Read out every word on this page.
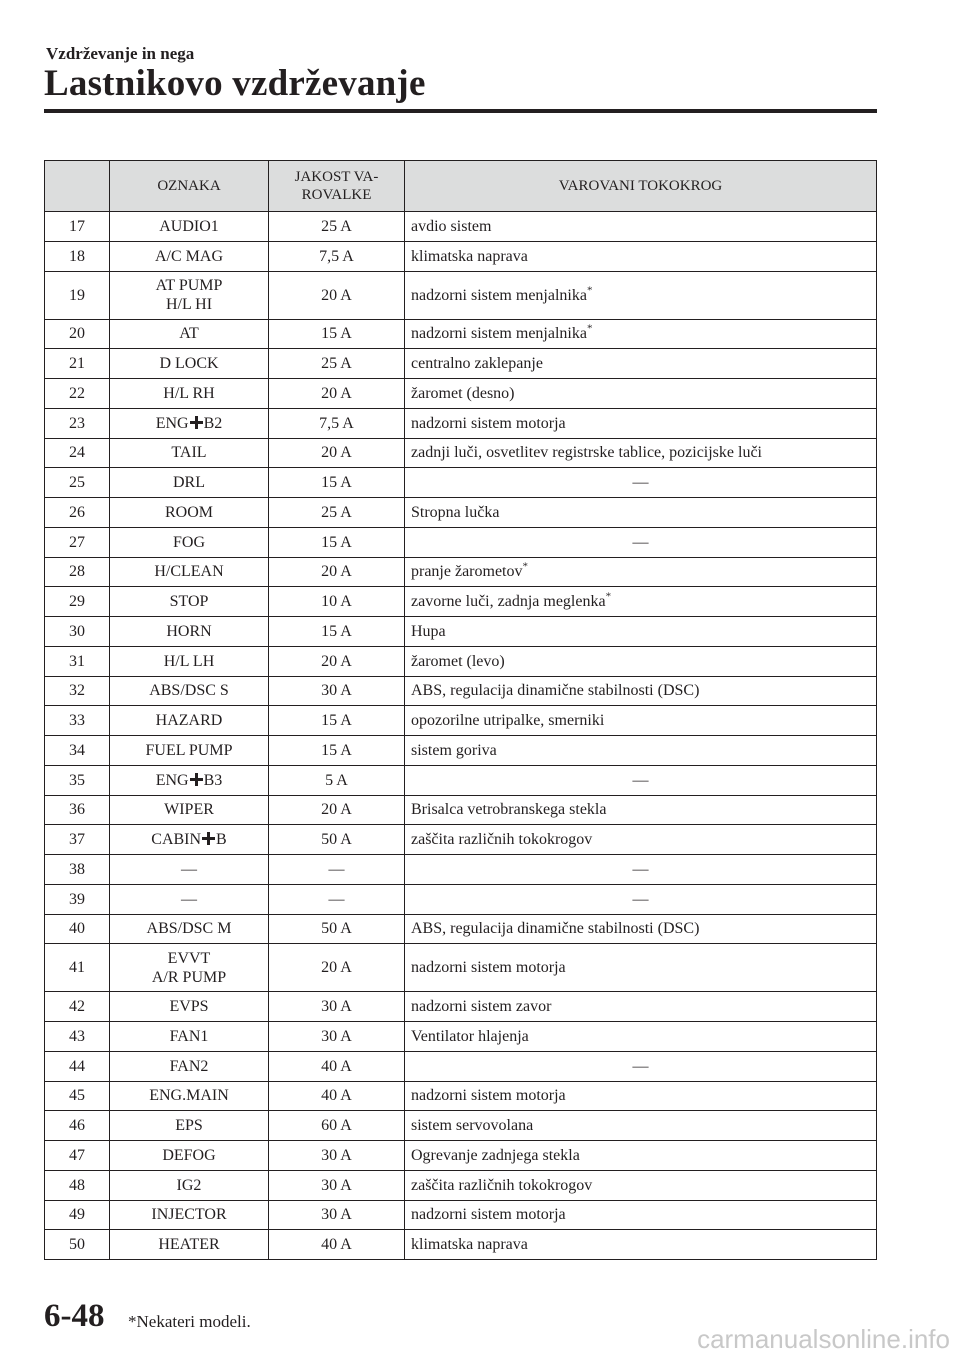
Vzdrževanje in nega
Lastnikovo vzdrževanje
	OZNAKA	JAKOST VA-
ROVALKE	VAROVANI TOKOKROG
17	AUDIO1	25 A	avdio sistem
18	A/C MAG	7,5 A	klimatska naprava
19	AT PUMP
H/L HI	20 A	nadzorni sistem menjalnika*
20	AT	15 A	nadzorni sistem menjalnika*
21	D LOCK	25 A	centralno zaklepanje
22	H/L RH	20 A	žaromet (desno)
23	ENG B2	7,5 A	nadzorni sistem motorja
24	TAIL	20 A	zadnji luči, osvetlitev registrske tablice, pozicijske luči
25	DRL	15 A	—
26	ROOM	25 A	Stropna lučka
27	FOG	15 A	—
28	H/CLEAN	20 A	pranje žarometov*
29	STOP	10 A	zavorne luči, zadnja meglenka*
30	HORN	15 A	Hupa
31	H/L LH	20 A	žaromet (levo)
32	ABS/DSC S	30 A	ABS, regulacija dinamične stabilnosti (DSC)
33	HAZARD	15 A	opozorilne utripalke, smerniki
34	FUEL PUMP	15 A	sistem goriva
35	ENG B3	5 A	—
36	WIPER	20 A	Brisalca vetrobranskega stekla
37	CABIN B	50 A	zaščita različnih tokokrogov
38	—	—	—
39	—	—	—
40	ABS/DSC M	50 A	ABS, regulacija dinamične stabilnosti (DSC)
41	EVVT
A/R PUMP	20 A	nadzorni sistem motorja
42	EVPS	30 A	nadzorni sistem zavor
43	FAN1	30 A	Ventilator hlajenja
44	FAN2	40 A	—
45	ENG.MAIN	40 A	nadzorni sistem motorja
46	EPS	60 A	sistem servovolana
47	DEFOG	30 A	Ogrevanje zadnjega stekla
48	IG2	30 A	zaščita različnih tokokrogov
49	INJECTOR	30 A	nadzorni sistem motorja
50	HEATER	40 A	klimatska naprava
6-48 *Nekateri modeli.
carmanualsonline.info
